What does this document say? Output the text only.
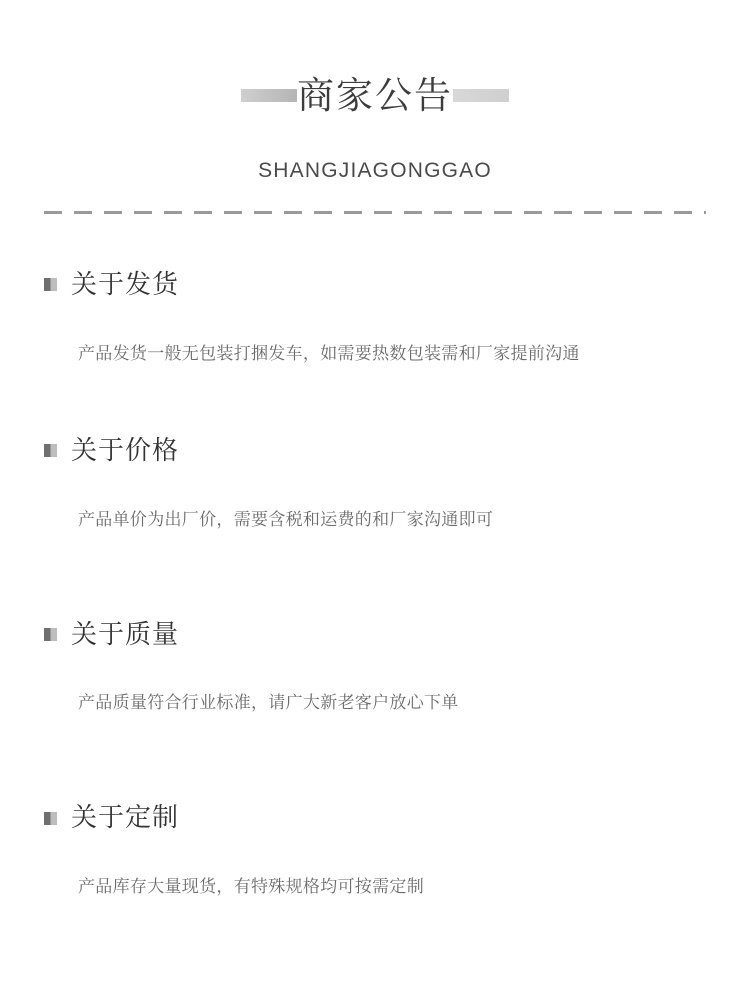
商家公告
SHANGJIAGONGGAO
关于发货

产品发货一般无包装打捆发车，如需要热数包装需和厂家提前沟通

关于价格

产品单价为出厂价，需要含税和运费的和厂家沟通即可

关于质量

产品质量符合行业标准，请广大新老客户放心下单

关于定制

产品库存大量现货，有特殊规格均可按需定制
